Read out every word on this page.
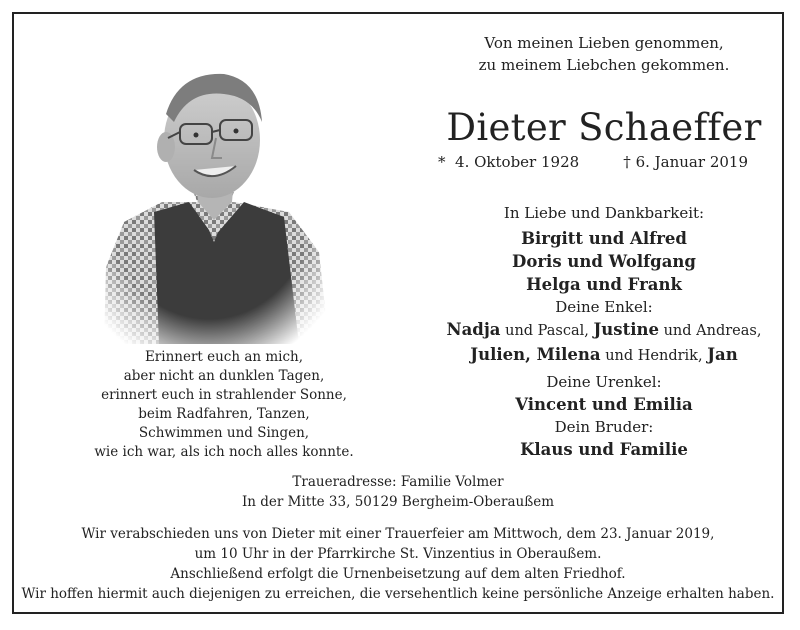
Von meinen Lieben genommen,
zu meinem Liebchen gekommen.
Dieter Schaeffer
* 4. Oktober 1928	† 6. Januar 2019
Erinnert euch an mich,
aber nicht an dunklen Tagen,
erinnert euch in strahlender Sonne,
beim Radfahren, Tanzen,
Schwimmen und Singen,
wie ich war, als ich noch alles konnte.
In Liebe und Dankbarkeit:
Birgitt und Alfred
Doris und Wolfgang
Helga und Frank
Deine Enkel:
Nadja und Pascal, Justine und Andreas,
Julien, Milena und Hendrik, Jan
Deine Urenkel:
Vincent und Emilia
Dein Bruder:
Klaus und Familie
Traueradresse: Familie Volmer
In der Mitte 33, 50129 Bergheim-Oberaußem
Wir verabschieden uns von Dieter mit einer Trauerfeier am Mittwoch, dem 23. Januar 2019,
um 10 Uhr in der Pfarrkirche St. Vinzentius in Oberaußem.
Anschließend erfolgt die Urnenbeisetzung auf dem alten Friedhof.
Wir hoffen hiermit auch diejenigen zu erreichen, die versehentlich keine persönliche Anzeige erhalten haben.
